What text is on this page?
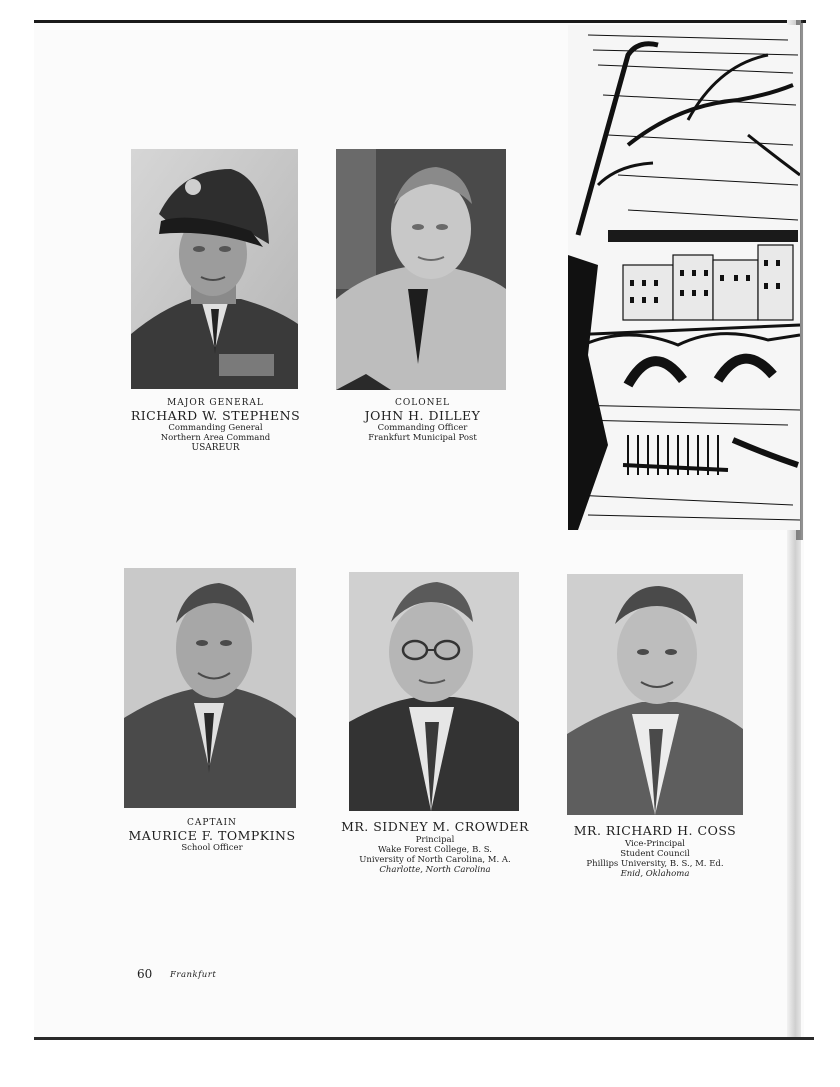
MAJOR GENERAL
RICHARD W. STEPHENS
Commanding General
Northern Area Command
USAREUR
COLONEL
JOHN H. DILLEY
Commanding Officer
Frankfurt Municipal Post
CAPTAIN
MAURICE F. TOMPKINS
School Officer
MR. SIDNEY M. CROWDER
Principal
Wake Forest College, B. S.
University of North Carolina, M. A.
Charlotte, North Carolina
MR. RICHARD H. COSS
Vice-Principal
Student Council
Phillips University, B. S., M. Ed.
Enid, Oklahoma
60 Frankfurt
